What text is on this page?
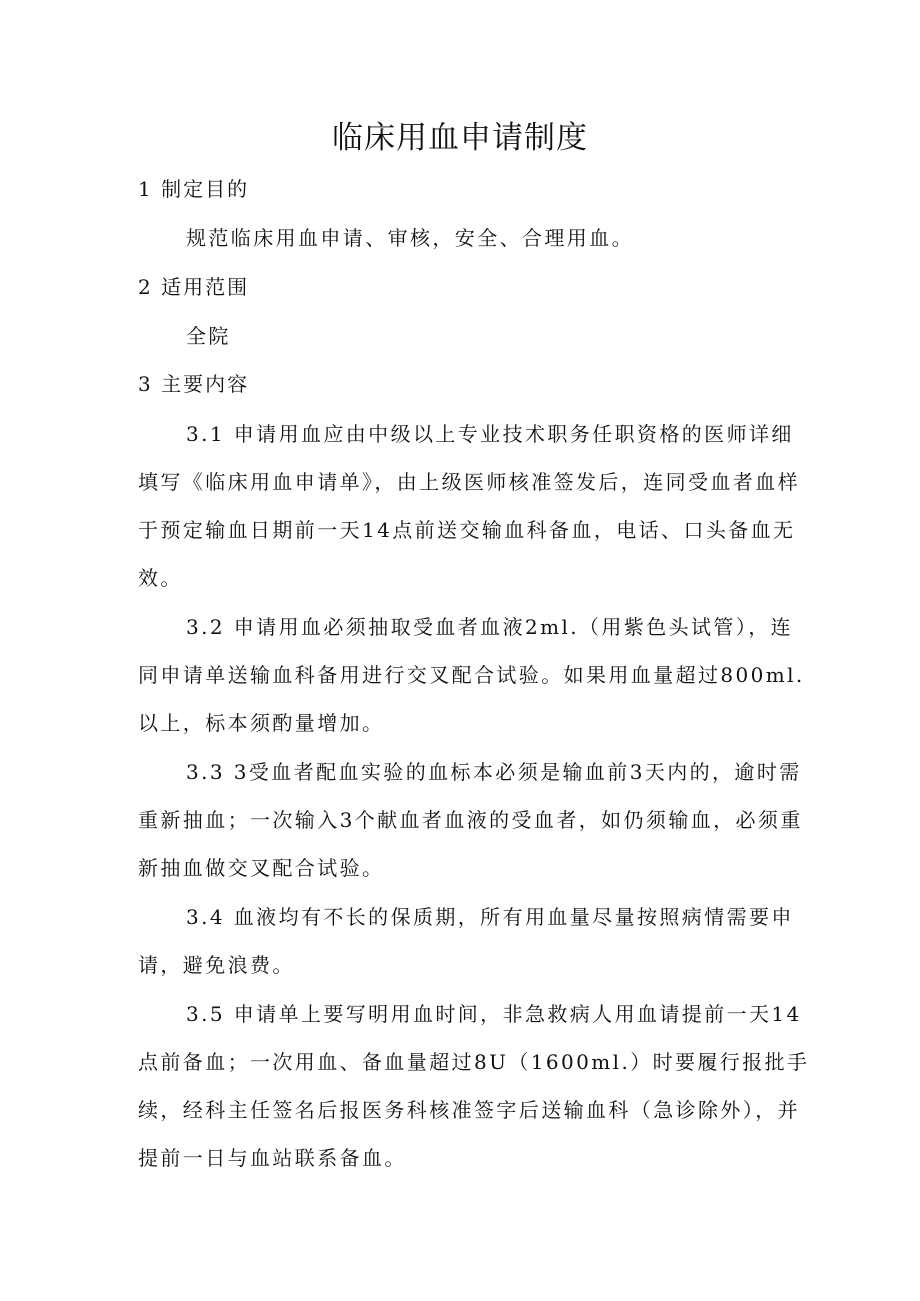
临床用血申请制度
1 制定目的
规范临床用血申请、审核，安全、合理用血。
2 适用范围
全院
3 主要内容
3.1 申请用血应由中级以上专业技术职务任职资格的医师详细填写《临床用血申请单》，由上级医师核准签发后，连同受血者血样于预定输血日期前一天14点前送交输血科备血，电话、口头备血无效。
3.2 申请用血必须抽取受血者血液2ml.（用紫色头试管），连同申请单送输血科备用进行交叉配合试验。如果用血量超过800ml.以上，标本须酌量增加。
3.3 3受血者配血实验的血标本必须是输血前3天内的，逾时需重新抽血；一次输入3个献血者血液的受血者，如仍须输血，必须重新抽血做交叉配合试验。
3.4 血液均有不长的保质期，所有用血量尽量按照病情需要申请，避免浪费。
3.5 申请单上要写明用血时间，非急救病人用血请提前一天14点前备血；一次用血、备血量超过8U（1600ml.）时要履行报批手续，经科主任签名后报医务科核准签字后送输血科（急诊除外），并提前一日与血站联系备血。
